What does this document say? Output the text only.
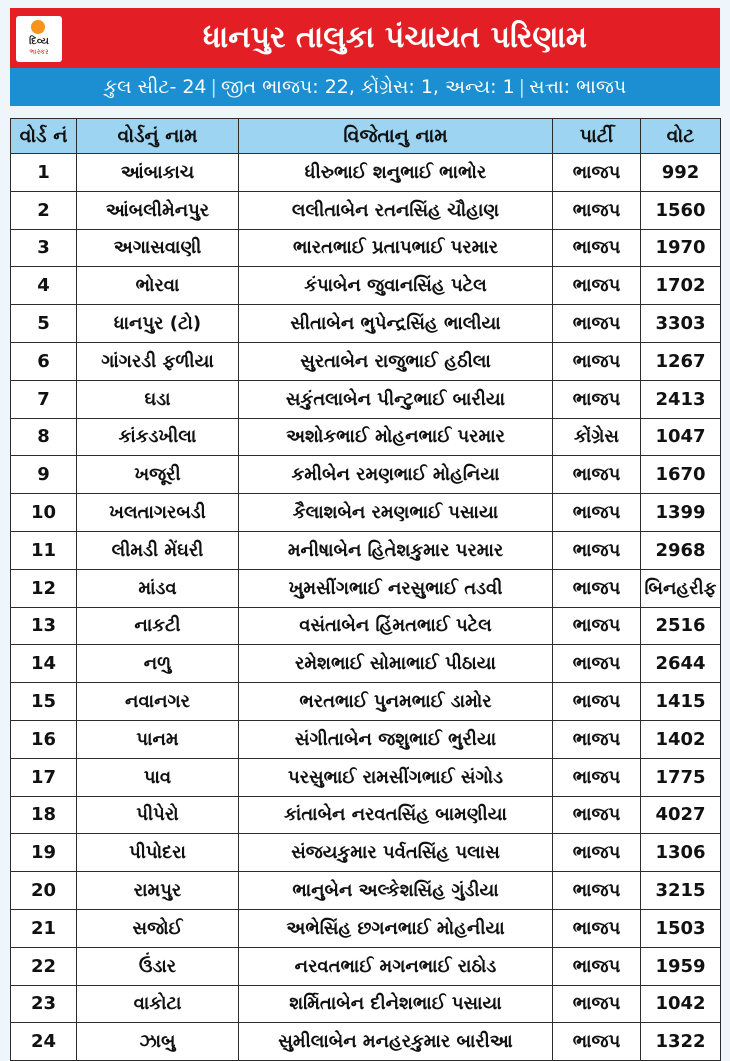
દિવ્ય
ભાસ્કર	ધાનપુર તાલુકા પંચાયત પરિણામ
કુલ સીટ- 24 | જીત ભાજપ: 22, કોંગ્રેસ: 1, અન્ય: 1 | સત્તા: ભાજપ
વોર્ડ નં	વોર્ડનું નામ	વિજેતાનુ નામ	પાર્ટી	વોટ
1	આંબાકાચ	ધીરુભાઈ શનુભાઈ ભાભોર	ભાજપ	992
2	આંબલીમેનપુર	લલીતાબેન રતનસિંહ ચૌહાણ	ભાજપ	1560
3	અગાસવાણી	ભારતભાઈ પ્રતાપભાઈ પરમાર	ભાજપ	1970
4	ભોરવા	કંપાબેન જુવાનસિંહ પટેલ	ભાજપ	1702
5	ધાનપુર (ટો)	સીતાબેન ભુપેન્દ્રસિંહ ભાલીયા	ભાજપ	3303
6	ગાંગરડી ફળીયા	સુરતાબેન રાજુભાઈ હઠીલા	ભાજપ	1267
7	ઘડા	સકુંતલાબેન પીન્ટુભાઈ બારીયા	ભાજપ	2413
8	કાંકડખીલા	અશોકભાઈ મોહનભાઈ પરમાર	કોંગ્રેસ	1047
9	ખજૂરી	કમીબેન રમણભાઈ મોહનિયા	ભાજપ	1670
10	ખલતાગરબડી	કૈલાશબેન રમણભાઈ પસાયા	ભાજપ	1399
11	લીમડી મેંઘરી	મનીષાબેન હિતેશકુમાર પરમાર	ભાજપ	2968
12	માંડવ	ખુમસીંગભાઈ નરસુભાઈ તડવી	ભાજપ	બિનહરીફ
13	નાકટી	વસંતાબેન હિંમતભાઈ પટેલ	ભાજપ	2516
14	નળુ	રમેશભાઈ સોમાભાઈ પીઠાયા	ભાજપ	2644
15	નવાનગર	ભરતભાઈ પુનમભાઈ ડામોર	ભાજપ	1415
16	પાનમ	સંગીતાબેન જશુભાઈ ભુરીયા	ભાજપ	1402
17	પાવ	પરસુભાઈ રામસીંગભાઈ સંગોડ	ભાજપ	1775
18	પીપેરો	કાંતાબેન નરવતસિંહ બામણીયા	ભાજપ	4027
19	પીપોદરા	સંજયકુમાર પર્વતસિંહ પલાસ	ભાજપ	1306
20	રામપુર	ભાનુબેન અલ્કેશસિંહ ગુંડીયા	ભાજપ	3215
21	સજોઈ	અભેસિંહ છગનભાઈ મોહનીયા	ભાજપ	1503
22	ઉંડાર	નરવતભાઈ મગનભાઈ રાઠોડ	ભાજપ	1959
23	વાકોટા	શર્મિતાબેન દીનેશભાઈ પસાયા	ભાજપ	1042
24	ઝાબુ	સુમીલાબેન મનહરકુમાર બારીઆ	ભાજપ	1322
